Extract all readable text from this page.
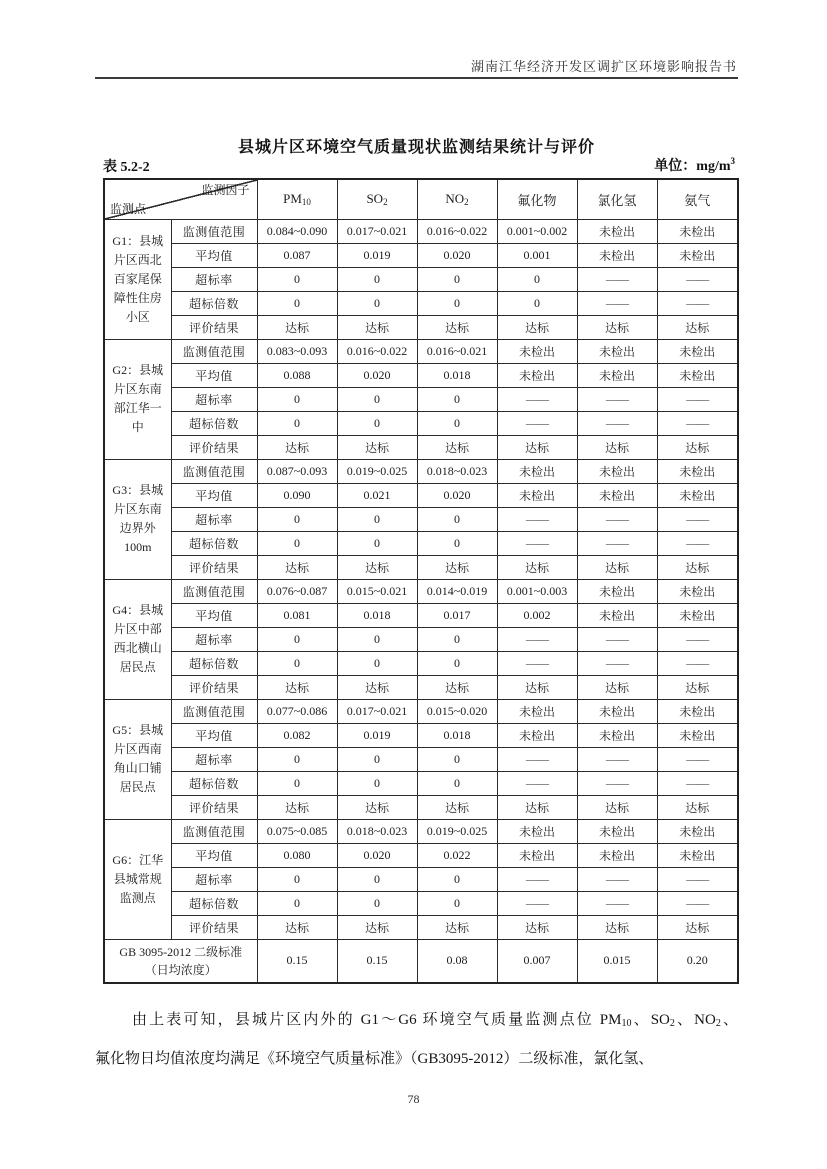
湖南江华经济开发区调扩区环境影响报告书
县城片区环境空气质量现状监测结果统计与评价
表 5.2-2	单位：$mg/m^3$
监测因子
监测点		PM10	SO2	NO2	氟化物	氯化氢	氨气
G1：县城片区西北百家尾保障性住房小区	监测值范围	0.084~0.090	0.017~0.021	0.016~0.022	0.001~0.002	未检出	未检出
	平均值	0.087	0.019	0.020	0.001	未检出	未检出
	超标率	0	0	0	0	——	——
	超标倍数	0	0	0	0	——	——
	评价结果	达标	达标	达标	达标	达标	达标
G2：县城片区东南部江华一中	监测值范围	0.083~0.093	0.016~0.022	0.016~0.021	未检出	未检出	未检出
	平均值	0.088	0.020	0.018	未检出	未检出	未检出
	超标率	0	0	0	——	——	——
	超标倍数	0	0	0	——	——	——
	评价结果	达标	达标	达标	达标	达标	达标
G3：县城片区东南边界外100m	监测值范围	0.087~0.093	0.019~0.025	0.018~0.023	未检出	未检出	未检出
	平均值	0.090	0.021	0.020	未检出	未检出	未检出
	超标率	0	0	0	——	——	——
	超标倍数	0	0	0	——	——	——
	评价结果	达标	达标	达标	达标	达标	达标
G4：县城片区中部西北横山居民点	监测值范围	0.076~0.087	0.015~0.021	0.014~0.019	0.001~0.003	未检出	未检出
	平均值	0.081	0.018	0.017	0.002	未检出	未检出
	超标率	0	0	0	——	——	——
	超标倍数	0	0	0	——	——	——
	评价结果	达标	达标	达标	达标	达标	达标
G5：县城片区西南角山口铺居民点	监测值范围	0.077~0.086	0.017~0.021	0.015~0.020	未检出	未检出	未检出
	平均值	0.082	0.019	0.018	未检出	未检出	未检出
	超标率	0	0	0	——	——	——
	超标倍数	0	0	0	——	——	——
	评价结果	达标	达标	达标	达标	达标	达标
G6：江华县城常规监测点	监测值范围	0.075~0.085	0.018~0.023	0.019~0.025	未检出	未检出	未检出
	平均值	0.080	0.020	0.022	未检出	未检出	未检出
	超标率	0	0	0	——	——	——
	超标倍数	0	0	0	——	——	——
	评价结果	达标	达标	达标	达标	达标	达标

GB 3095-2012 二级标准
（日均浓度）		0.15	0.15	0.08	0.007	0.015	0.20
由上表可知，县城片区内外的 G1～G6 环境空气质量监测点位 PM10、SO2、NO2、
氟化物日均值浓度均满足《环境空气质量标准》（GB3095-2012）二级标准，氯化氢、
78
